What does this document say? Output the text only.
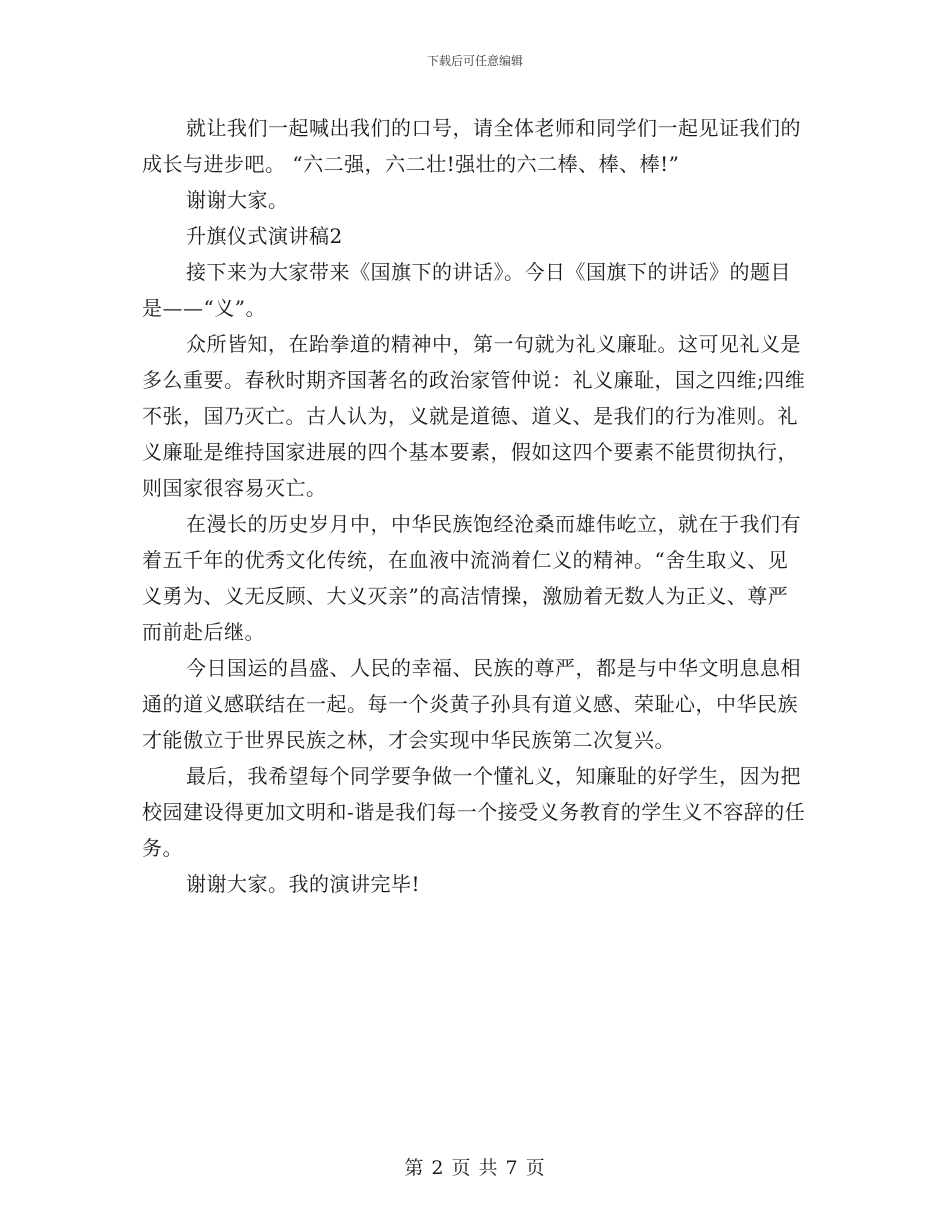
下载后可任意编辑

就让我们一起喊出我们的口号，请全体老师和同学们一起见证我们的成长与进步吧。 “六二强，六二壮!强壮的六二棒、棒、棒!”

谢谢大家。

升旗仪式演讲稿2

接下来为大家带来《国旗下的讲话》。今日《国旗下的讲话》的题目是——“义”。

众所皆知，在跆拳道的精神中，第一句就为礼义廉耻。这可见礼义是多么重要。春秋时期齐国著名的政治家管仲说：礼义廉耻，国之四维;四维不张，国乃灭亡。古人认为，义就是道德、道义、是我们的行为准则。礼义廉耻是维持国家进展的四个基本要素，假如这四个要素不能贯彻执行，则国家很容易灭亡。

在漫长的历史岁月中，中华民族饱经沧桑而雄伟屹立，就在于我们有着五千年的优秀文化传统，在血液中流淌着仁义的精神。“舍生取义、见义勇为、义无反顾、大义灭亲”的高洁情操，激励着无数人为正义、尊严而前赴后继。

今日国运的昌盛、人民的幸福、民族的尊严，都是与中华文明息息相通的道义感联结在一起。每一个炎黄子孙具有道义感、荣耻心，中华民族才能傲立于世界民族之林，才会实现中华民族第二次复兴。

最后，我希望每个同学要争做一个懂礼义，知廉耻的好学生，因为把校园建设得更加文明和-谐是我们每一个接受义务教育的学生义不容辞的任务。

谢谢大家。我的演讲完毕!

第 2 页 共 7 页
